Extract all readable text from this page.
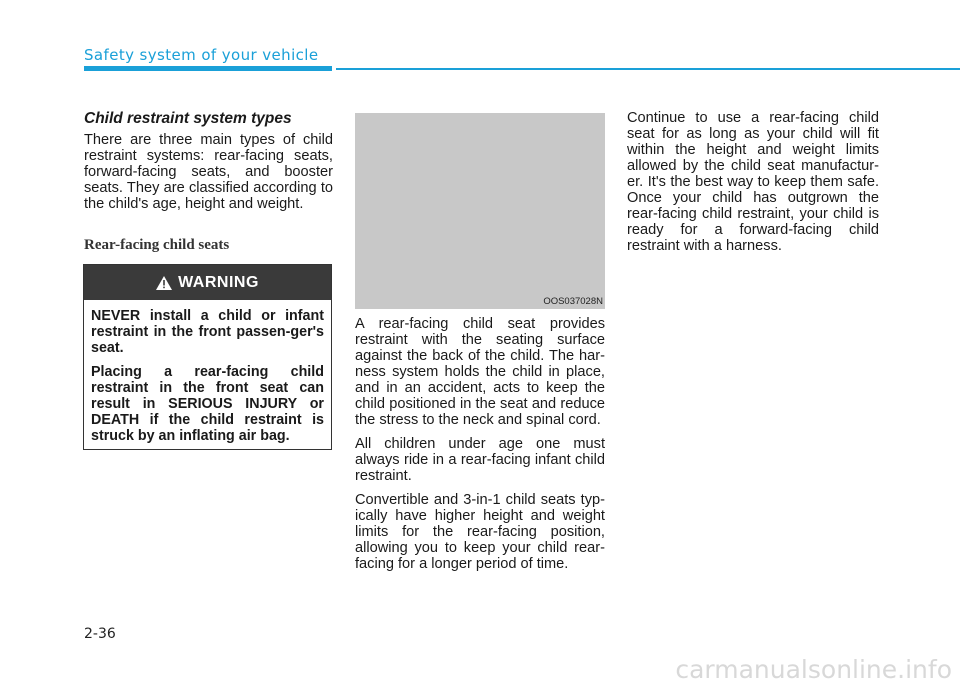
Safety system of your vehicle
Child restraint system types

There are three main types of child restraint systems: rear-facing seats, forward-facing seats, and booster seats. They are classified according to the child's age, height and weight.

Rear-facing child seats
WARNING

NEVER install a child or infant restraint in the front passen-ger's seat.

Placing a rear-facing child restraint in the front seat can result in SERIOUS INJURY or DEATH if the child restraint is struck by an inflating air bag.

OOS037028N

A rear-facing child seat provides restraint with the seating surface against the back of the child. The har-ness system holds the child in place, and in an accident, acts to keep the child positioned in the seat and reduce the stress to the neck and spinal cord.

All children under age one must always ride in a rear-facing infant child restraint.

Convertible and 3-in-1 child seats typ-ically have higher height and weight limits for the rear-facing position, allowing you to keep your child rear-facing for a longer period of time.

Continue to use a rear-facing child seat for as long as your child will fit within the height and weight limits allowed by the child seat manufactur-er. It's the best way to keep them safe. Once your child has outgrown the rear-facing child restraint, your child is ready for a forward-facing child restraint with a harness.

2-36
carmanualsonline.info
